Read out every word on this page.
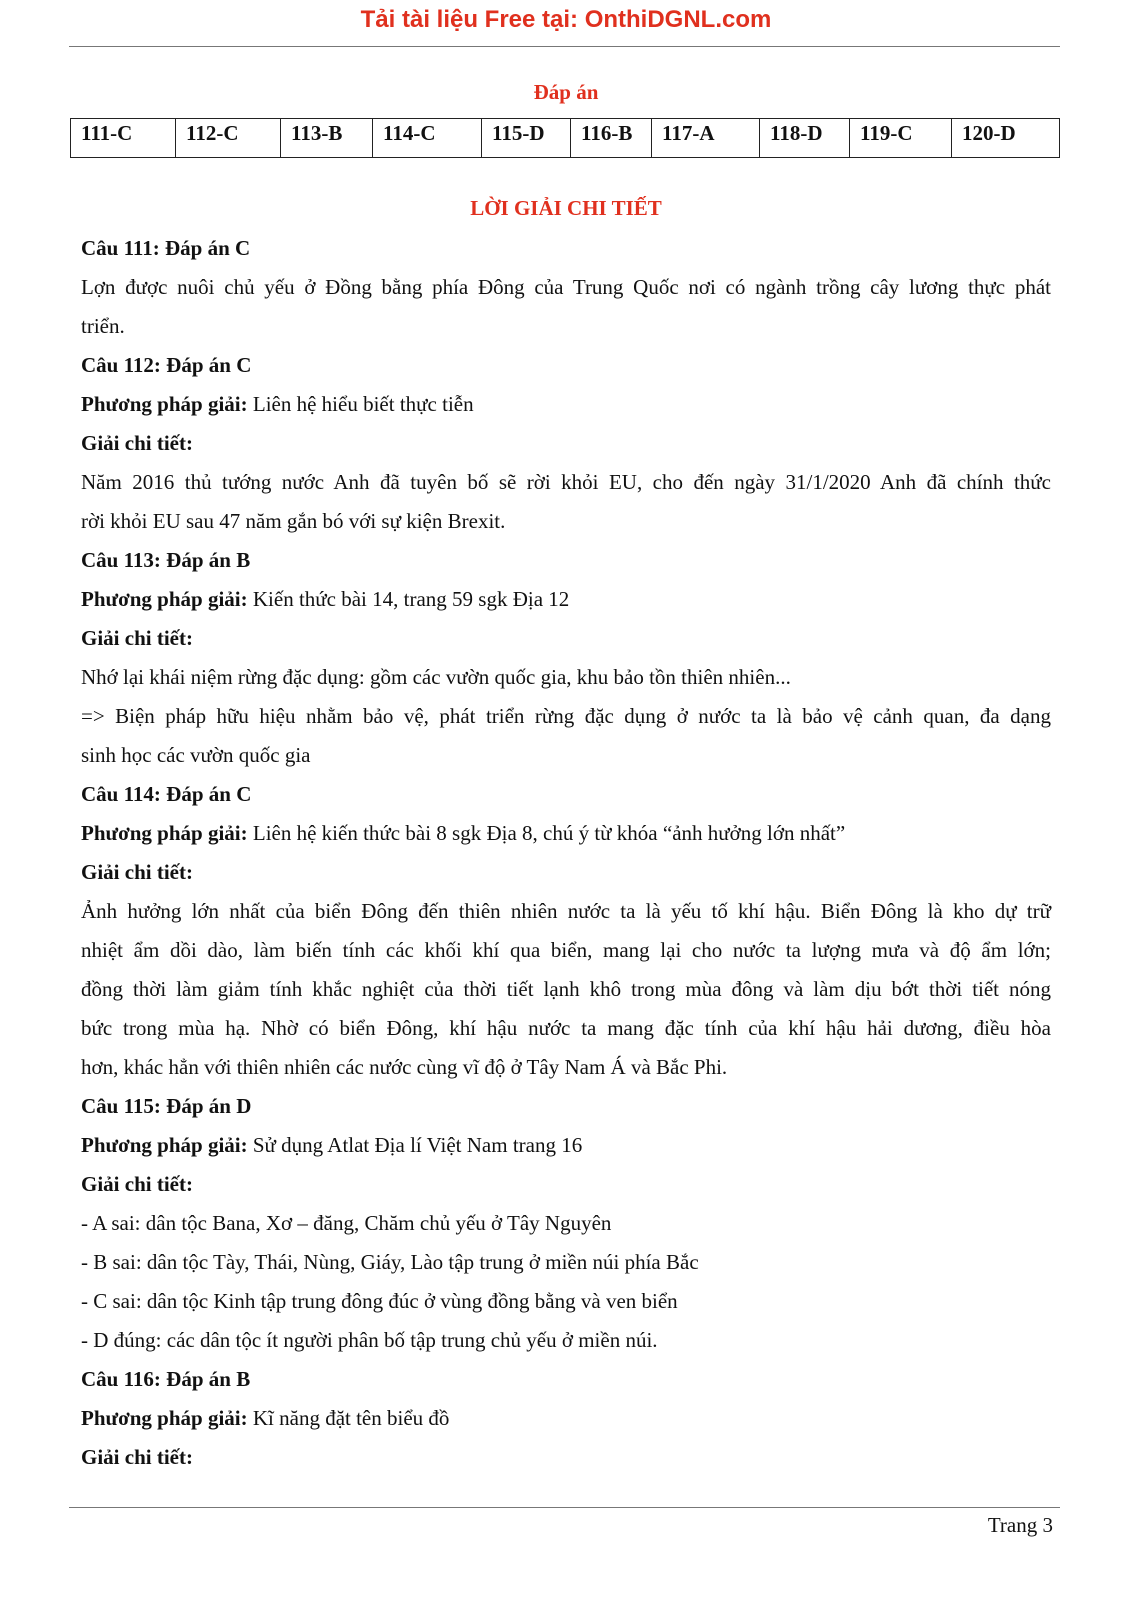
Tải tài liệu Free tại: OnthiDGNL.com
Đáp án
111-C	112-C	113-B	114-C	115-D	116-B	117-A	118-D	119-C	120-D
LỜI GIẢI CHI TIẾT
Câu 111: Đáp án C
Lợn được nuôi chủ yếu ở Đồng bằng phía Đông của Trung Quốc nơi có ngành trồng cây lương thực phát
triển.
Câu 112: Đáp án C
Phương pháp giải: Liên hệ hiểu biết thực tiễn
Giải chi tiết:
Năm 2016 thủ tướng nước Anh đã tuyên bố sẽ rời khỏi EU, cho đến ngày 31/1/2020 Anh đã chính thức
rời khỏi EU sau 47 năm gắn bó với sự kiện Brexit.
Câu 113: Đáp án B
Phương pháp giải: Kiến thức bài 14, trang 59 sgk Địa 12
Giải chi tiết:
Nhớ lại khái niệm rừng đặc dụng: gồm các vườn quốc gia, khu bảo tồn thiên nhiên...
=> Biện pháp hữu hiệu nhằm bảo vệ, phát triển rừng đặc dụng ở nước ta là bảo vệ cảnh quan, đa dạng
sinh học các vườn quốc gia
Câu 114: Đáp án C
Phương pháp giải: Liên hệ kiến thức bài 8 sgk Địa 8, chú ý từ khóa “ảnh hưởng lớn nhất”
Giải chi tiết:
Ảnh hưởng lớn nhất của biển Đông đến thiên nhiên nước ta là yếu tố khí hậu. Biển Đông là kho dự trữ
nhiệt ẩm dồi dào, làm biến tính các khối khí qua biển, mang lại cho nước ta lượng mưa và độ ẩm lớn;
đồng thời làm giảm tính khắc nghiệt của thời tiết lạnh khô trong mùa đông và làm dịu bớt thời tiết nóng
bức trong mùa hạ. Nhờ có biển Đông, khí hậu nước ta mang đặc tính của khí hậu hải dương, điều hòa
hơn, khác hẳn với thiên nhiên các nước cùng vĩ độ ở Tây Nam Á và Bắc Phi.
Câu 115: Đáp án D
Phương pháp giải: Sử dụng Atlat Địa lí Việt Nam trang 16
Giải chi tiết:
- A sai: dân tộc Bana, Xơ – đăng, Chăm chủ yếu ở Tây Nguyên
- B sai: dân tộc Tày, Thái, Nùng, Giáy, Lào tập trung ở miền núi phía Bắc
- C sai: dân tộc Kinh tập trung đông đúc ở vùng đồng bằng và ven biển
- D đúng: các dân tộc ít người phân bố tập trung chủ yếu ở miền núi.
Câu 116: Đáp án B
Phương pháp giải: Kĩ năng đặt tên biểu đồ
Giải chi tiết:
Trang 3
